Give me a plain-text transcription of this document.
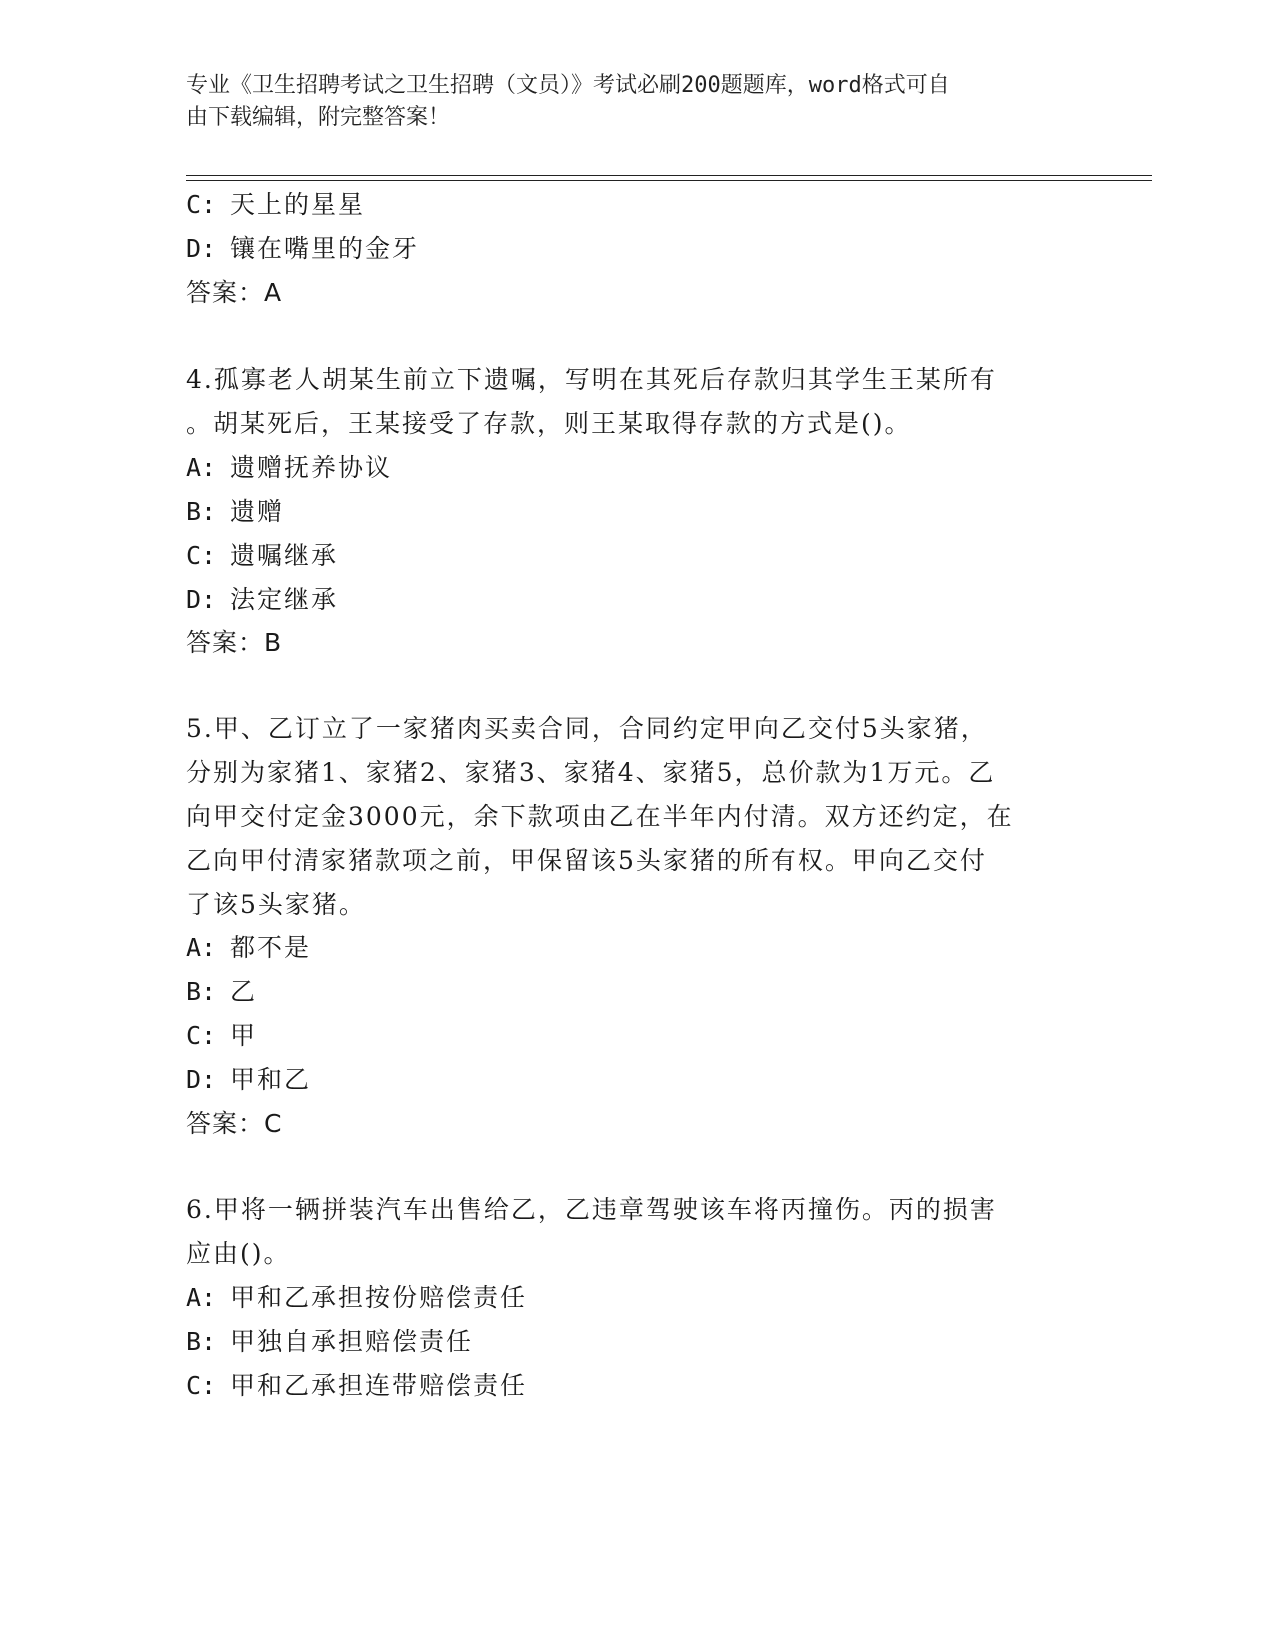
专业《卫生招聘考试之卫生招聘（文员）》考试必刷200题题库，word格式可自
由下载编辑，附完整答案！
C: 天上的星星
D: 镶在嘴里的金牙
答案：A
4.孤寡老人胡某生前立下遗嘱，写明在其死后存款归其学生王某所有
。胡某死后，王某接受了存款，则王某取得存款的方式是()。
A: 遗赠抚养协议
B: 遗赠
C: 遗嘱继承
D: 法定继承
答案：B
5.甲、乙订立了一家猪肉买卖合同，合同约定甲向乙交付5头家猪，
分别为家猪1、家猪2、家猪3、家猪4、家猪5，总价款为1万元。乙
向甲交付定金3000元，余下款项由乙在半年内付清。双方还约定，在
乙向甲付清家猪款项之前，甲保留该5头家猪的所有权。甲向乙交付
了该5头家猪。
A: 都不是
B: 乙
C: 甲
D: 甲和乙
答案：C
6.甲将一辆拼装汽车出售给乙，乙违章驾驶该车将丙撞伤。丙的损害
应由()。
A: 甲和乙承担按份赔偿责任
B: 甲独自承担赔偿责任
C: 甲和乙承担连带赔偿责任
